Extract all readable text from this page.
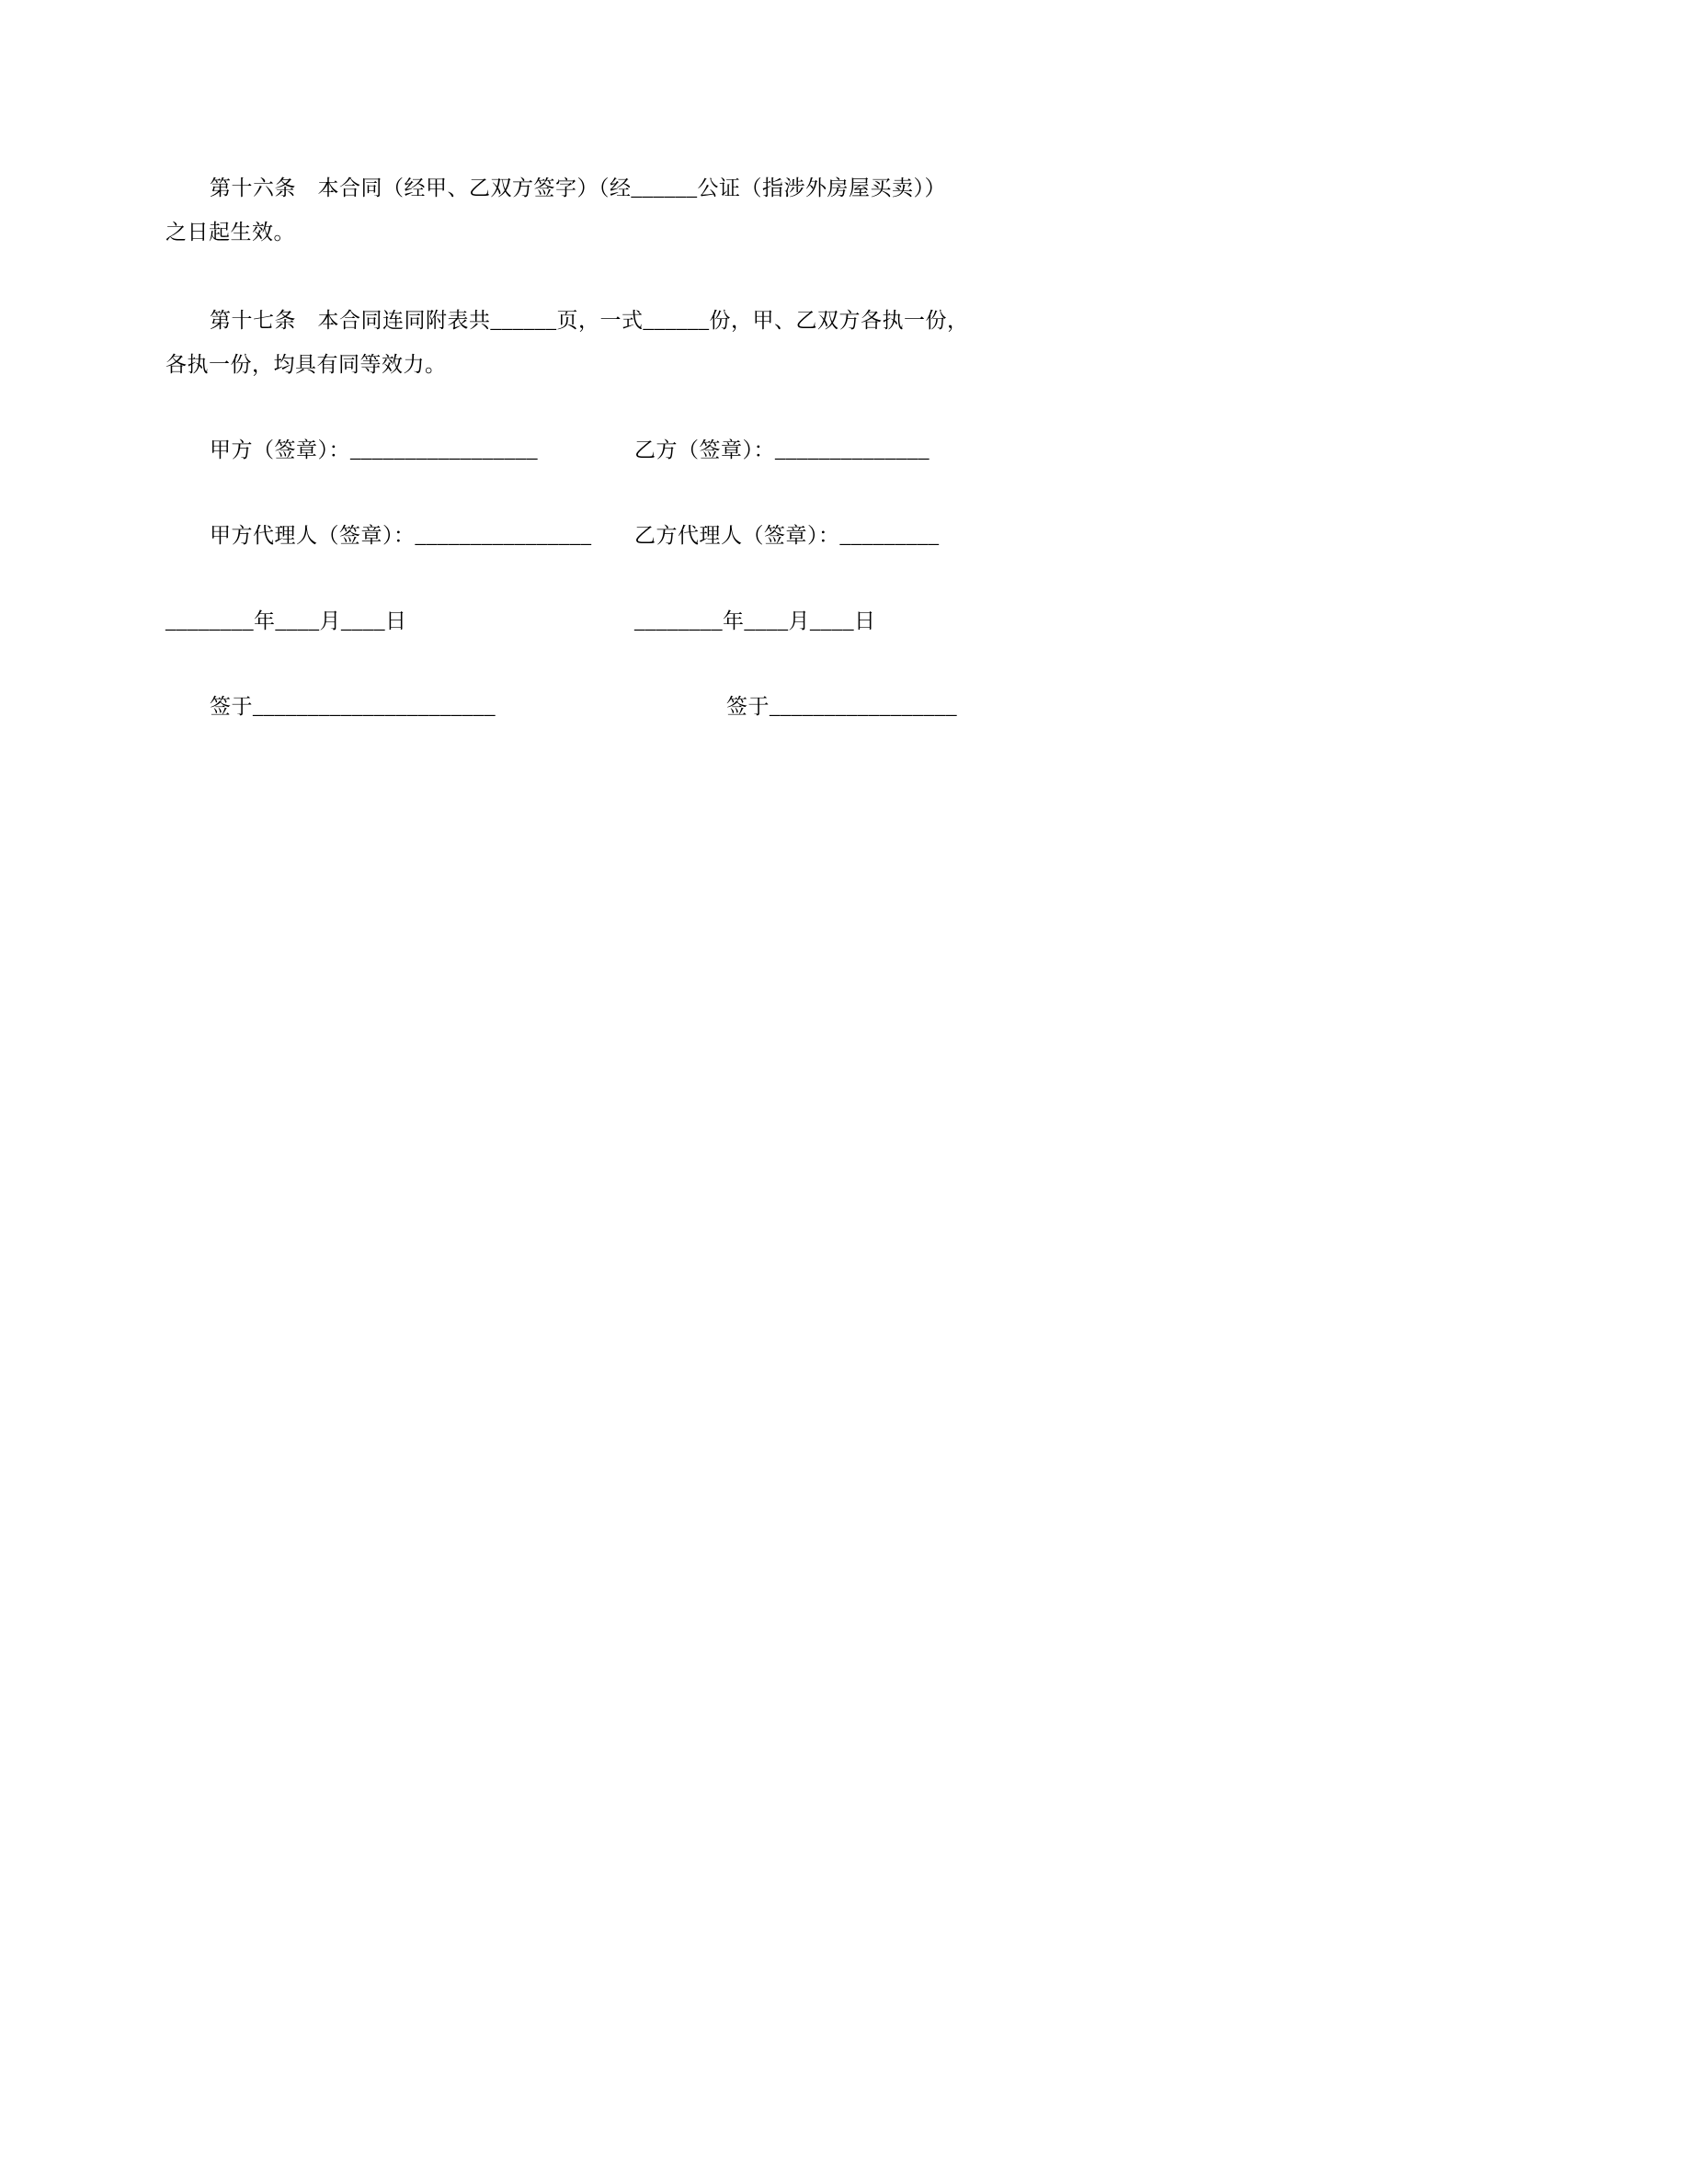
第十六条　本合同（经甲、乙双方签字）（经______公证（指涉外房屋买卖））
之日起生效。
第十七条　本合同连同附表共______页，一式______份，甲、乙双方各执一份，
各执一份，均具有同等效力。
甲方（签章）：_________________	乙方（签章）：______________
甲方代理人（签章）：________________ 乙方代理人（签章）：_________
________年____月____日	________年____月____日
签于______________________	签于_________________
